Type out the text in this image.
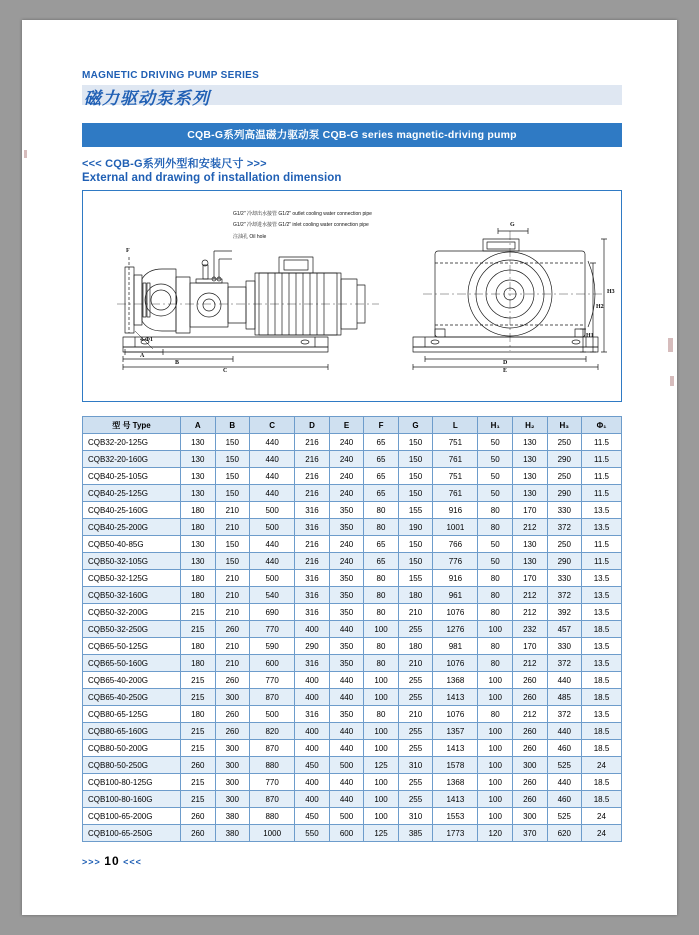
MAGNETIC DRIVING PUMP SERIES
磁力驱动泵系列
CQB-G系列高温磁力驱动泵 CQB-G series magnetic-driving pump
<<< CQB-G系列外型和安装尺寸 >>>
External and drawing of installation dimension
G1/2" 冷却出水接管 G1/2" outlet cooling water connection pipe
G1/2" 冷却进水接管 G1/2" inlet cooling water connection pipe
注油孔 Oil hole
F
G
H3
H2
H1
A
B
C
D
E
4-Φ1
型 号 Type	A	B	C	D	E	F	G	L	H₁	H₂	H₃	Φ₁
CQB32-20-125G	130	150	440	216	240	65	150	751	50	130	250	11.5
CQB32-20-160G	130	150	440	216	240	65	150	761	50	130	290	11.5
CQB40-25-105G	130	150	440	216	240	65	150	751	50	130	250	11.5
CQB40-25-125G	130	150	440	216	240	65	150	761	50	130	290	11.5
CQB40-25-160G	180	210	500	316	350	80	155	916	80	170	330	13.5
CQB40-25-200G	180	210	500	316	350	80	190	1001	80	212	372	13.5
CQB50-40-85G	130	150	440	216	240	65	150	766	50	130	250	11.5
CQB50-32-105G	130	150	440	216	240	65	150	776	50	130	290	11.5
CQB50-32-125G	180	210	500	316	350	80	155	916	80	170	330	13.5
CQB50-32-160G	180	210	540	316	350	80	180	961	80	212	372	13.5
CQB50-32-200G	215	210	690	316	350	80	210	1076	80	212	392	13.5
CQB50-32-250G	215	260	770	400	440	100	255	1276	100	232	457	18.5
CQB65-50-125G	180	210	590	290	350	80	180	981	80	170	330	13.5
CQB65-50-160G	180	210	600	316	350	80	210	1076	80	212	372	13.5
CQB65-40-200G	215	260	770	400	440	100	255	1368	100	260	440	18.5
CQB65-40-250G	215	300	870	400	440	100	255	1413	100	260	485	18.5
CQB80-65-125G	180	260	500	316	350	80	210	1076	80	212	372	13.5
CQB80-65-160G	215	260	820	400	440	100	255	1357	100	260	440	18.5
CQB80-50-200G	215	300	870	400	440	100	255	1413	100	260	460	18.5
CQB80-50-250G	260	300	880	450	500	125	310	1578	100	300	525	24
CQB100-80-125G	215	300	770	400	440	100	255	1368	100	260	440	18.5
CQB100-80-160G	215	300	870	400	440	100	255	1413	100	260	460	18.5
CQB100-65-200G	260	380	880	450	500	100	310	1553	100	300	525	24
CQB100-65-250G	260	380	1000	550	600	125	385	1773	120	370	620	24
>>> 10 <<<
